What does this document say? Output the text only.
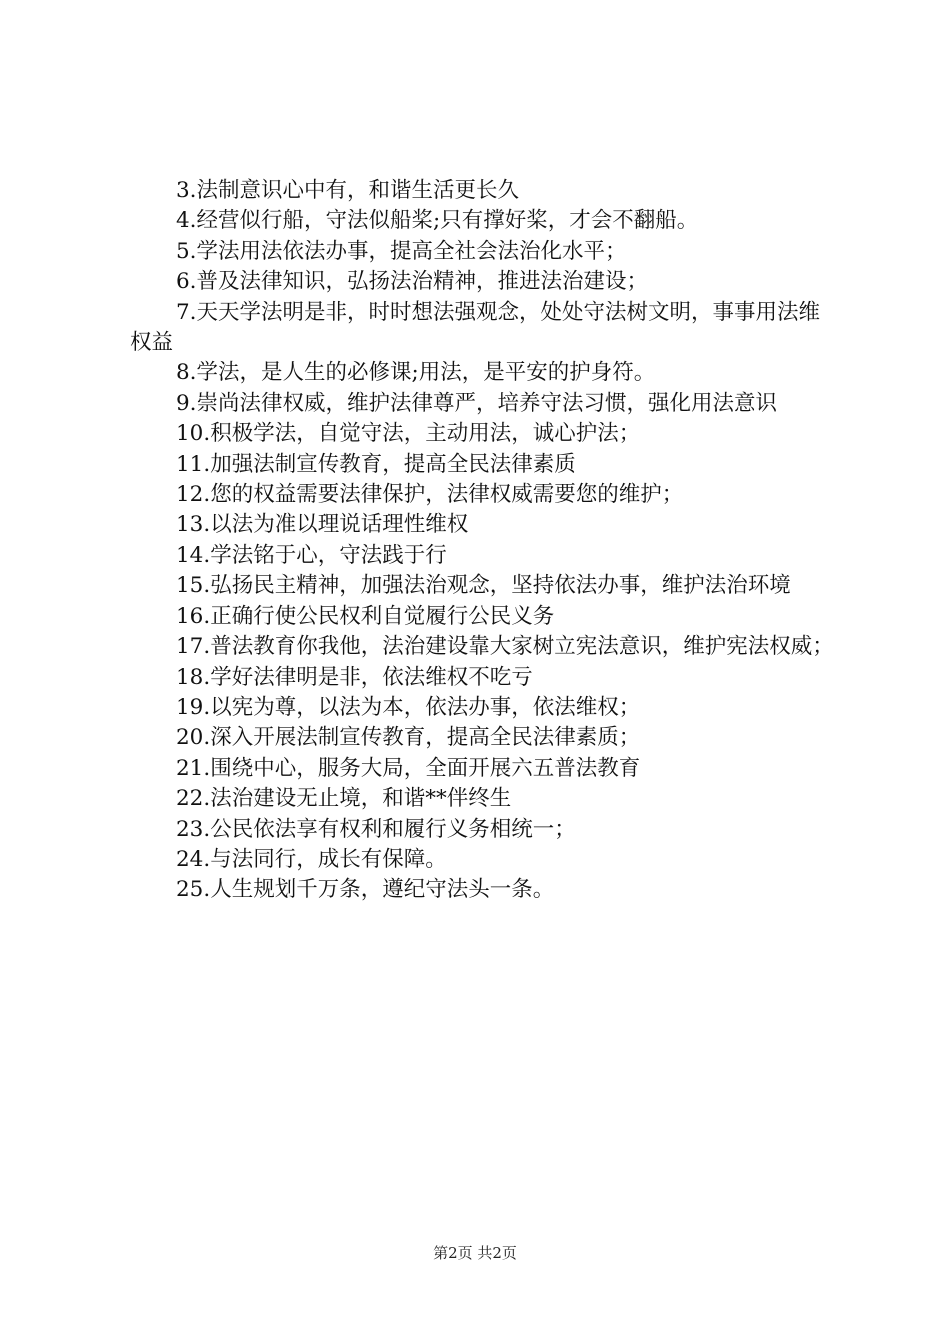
3.法制意识心中有，和谐生活更长久

4.经营似行船，守法似船桨;只有撑好桨，才会不翻船。

5.学法用法依法办事，提高全社会法治化水平；

6.普及法律知识，弘扬法治精神，推进法治建设；

7.天天学法明是非，时时想法强观念，处处守法树文明，事事用法维权益

8.学法，是人生的必修课;用法，是平安的护身符。

9.崇尚法律权威，维护法律尊严，培养守法习惯，强化用法意识

10.积极学法，自觉守法，主动用法，诚心护法；

11.加强法制宣传教育，提高全民法律素质

12.您的权益需要法律保护，法律权威需要您的维护；

13.以法为准以理说话理性维权

14.学法铭于心，守法践于行

15.弘扬民主精神，加强法治观念，坚持依法办事，维护法治环境

16.正确行使公民权利自觉履行公民义务

17.普法教育你我他，法治建设靠大家树立宪法意识，维护宪法权威；

18.学好法律明是非，依法维权不吃亏

19.以宪为尊，以法为本，依法办事，依法维权；

20.深入开展法制宣传教育，提高全民法律素质；

21.围绕中心，服务大局，全面开展六五普法教育

22.法治建设无止境，和谐**伴终生

23.公民依法享有权利和履行义务相统一；

24.与法同行，成长有保障。

25.人生规划千万条，遵纪守法头一条。

第2页 共2页
